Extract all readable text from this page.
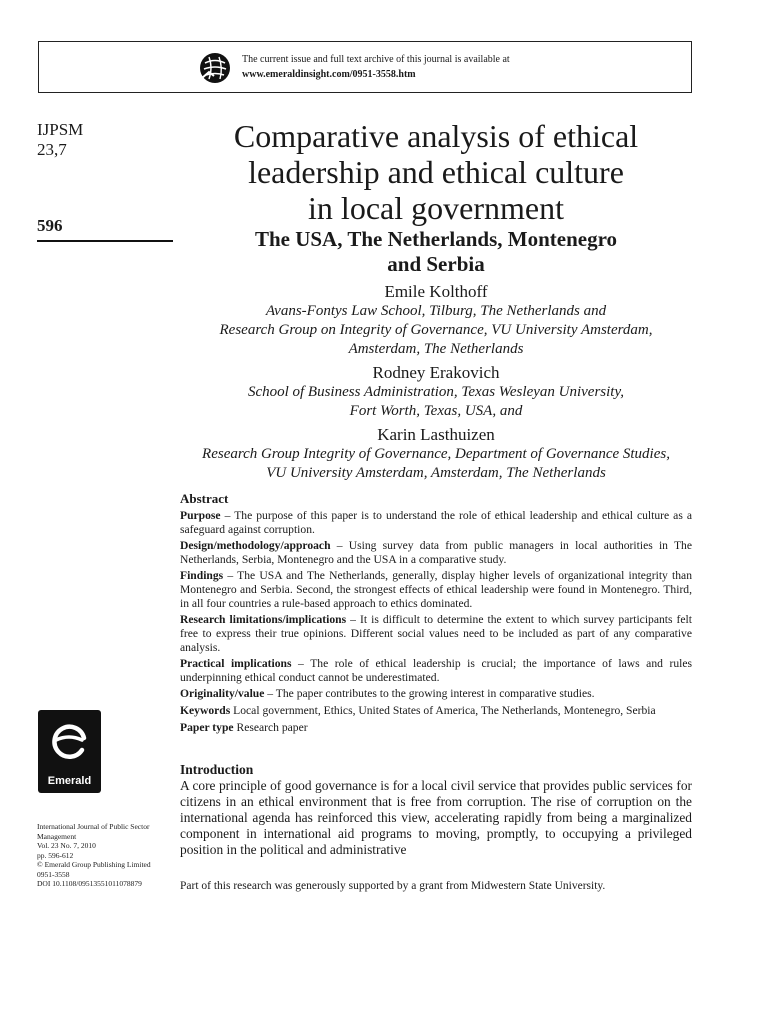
The current issue and full text archive of this journal is available at
www.emeraldinsight.com/0951-3558.htm
IJPSM
23,7
596
Comparative analysis of ethical
leadership and ethical culture
in local government
The USA, The Netherlands, Montenegro
and Serbia
Emile Kolthoff
Avans-Fontys Law School, Tilburg, The Netherlands and
Research Group on Integrity of Governance, VU University Amsterdam,
Amsterdam, The Netherlands
Rodney Erakovich
School of Business Administration, Texas Wesleyan University,
Fort Worth, Texas, USA, and
Karin Lasthuizen
Research Group Integrity of Governance, Department of Governance Studies,
VU University Amsterdam, Amsterdam, The Netherlands
Abstract
Purpose – The purpose of this paper is to understand the role of ethical leadership and ethical culture as a safeguard against corruption.
Design/methodology/approach – Using survey data from public managers in local authorities in The Netherlands, Serbia, Montenegro and the USA in a comparative study.
Findings – The USA and The Netherlands, generally, display higher levels of organizational integrity than Montenegro and Serbia. Second, the strongest effects of ethical leadership were found in Montenegro. Third, in all four countries a rule-based approach to ethics dominated.
Research limitations/implications – It is difficult to determine the extent to which survey participants felt free to express their true opinions. Different social values need to be included as part of any comparative analysis.
Practical implications – The role of ethical leadership is crucial; the importance of laws and rules underpinning ethical conduct cannot be underestimated.
Originality/value – The paper contributes to the growing interest in comparative studies.
Keywords Local government, Ethics, United States of America, The Netherlands, Montenegro, Serbia
Paper type Research paper
Introduction
A core principle of good governance is for a local civil service that provides public services for citizens in an ethical environment that is free from corruption. The rise of corruption on the international agenda has reinforced this view, accelerating rapidly from being a marginalized component in international aid programs to moving, promptly, to occupying a privileged position in the political and administrative
Part of this research was generously supported by a grant from Midwestern State University.
Emerald
International Journal of Public Sector
Management
Vol. 23 No. 7, 2010
pp. 596-612
© Emerald Group Publishing Limited
0951-3558
DOI 10.1108/09513551011078879
